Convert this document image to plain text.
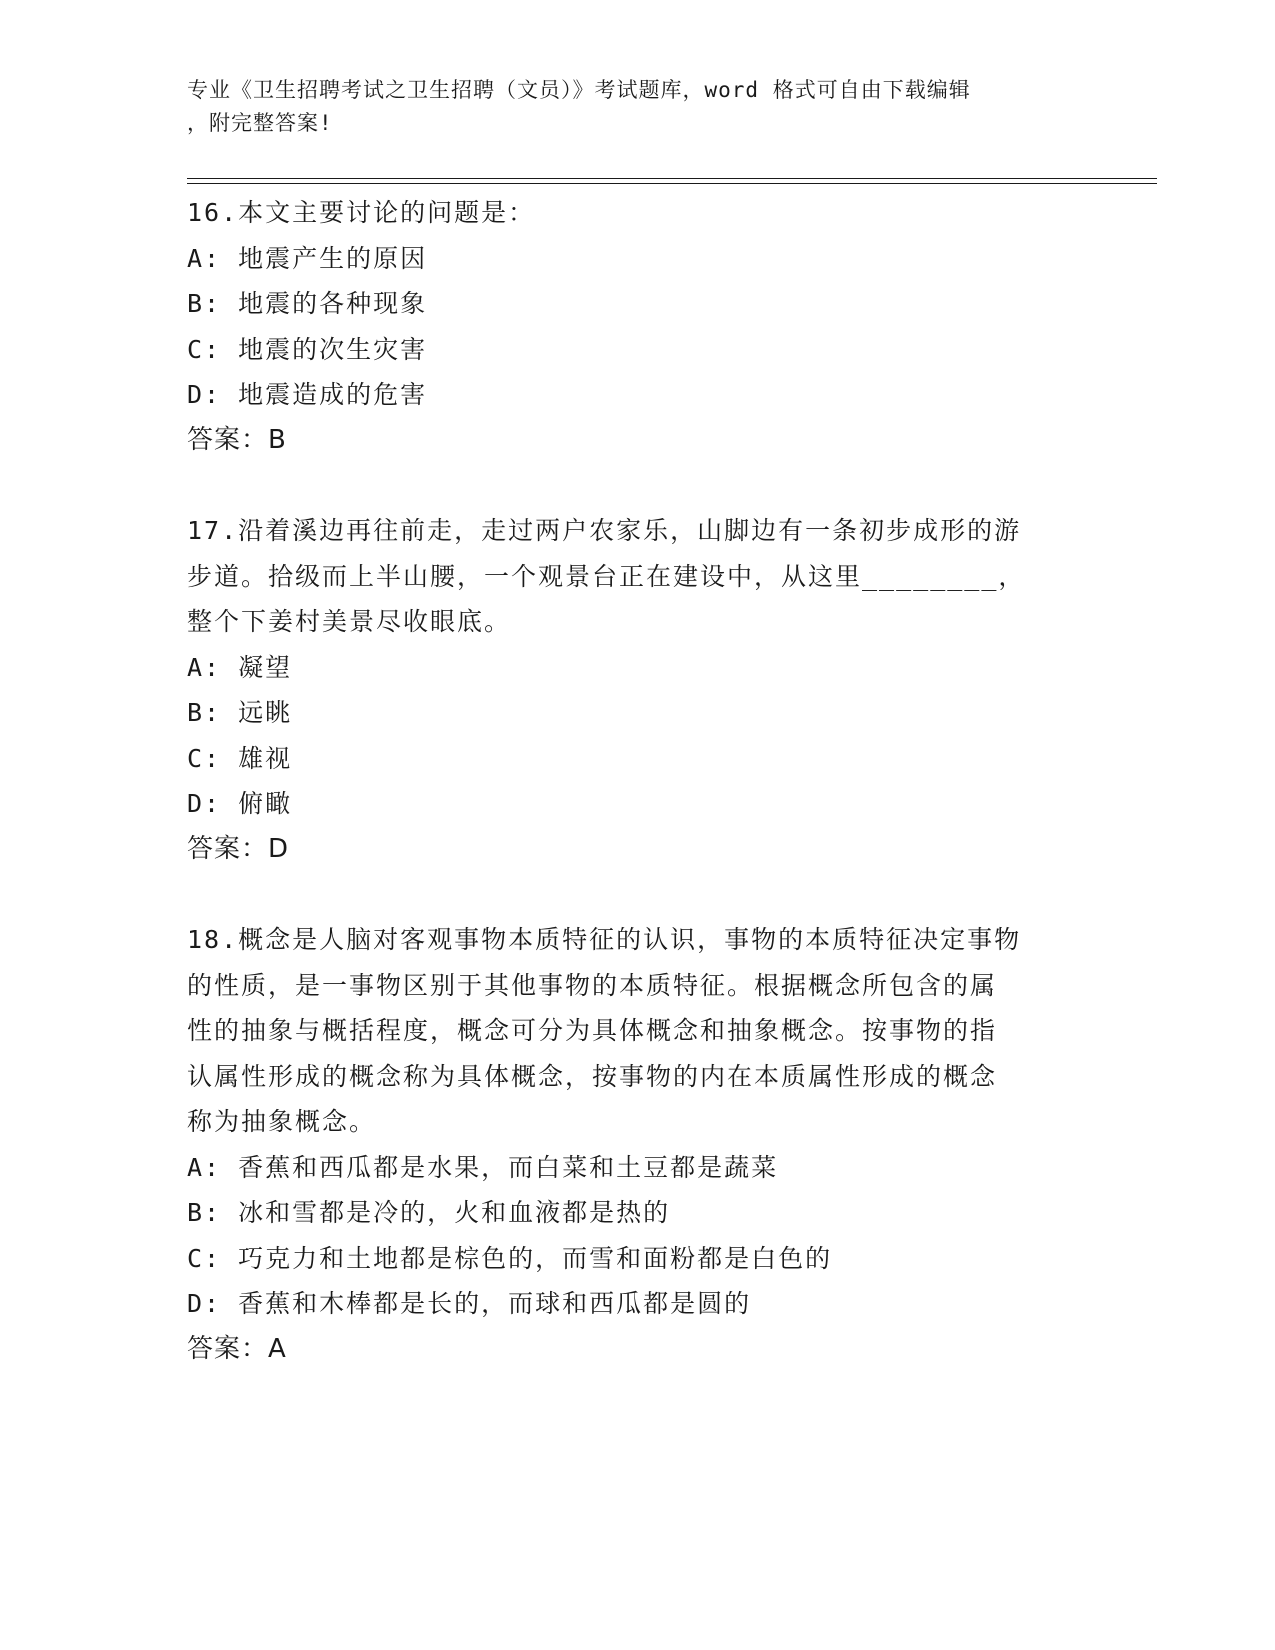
专业《卫生招聘考试之卫生招聘（文员）》考试题库，word 格式可自由下载编辑
，附完整答案!
16.本文主要讨论的问题是：
A: 地震产生的原因
B: 地震的各种现象
C: 地震的次生灾害
D: 地震造成的危害
答案：B
17.沿着溪边再往前走，走过两户农家乐，山脚边有一条初步成形的游
步道。拾级而上半山腰，一个观景台正在建设中，从这里________，
整个下姜村美景尽收眼底。
A: 凝望
B: 远眺
C: 雄视
D: 俯瞰
答案：D
18.概念是人脑对客观事物本质特征的认识，事物的本质特征决定事物
的性质，是一事物区别于其他事物的本质特征。根据概念所包含的属
性的抽象与概括程度，概念可分为具体概念和抽象概念。按事物的指
认属性形成的概念称为具体概念，按事物的内在本质属性形成的概念
称为抽象概念。
A: 香蕉和西瓜都是水果，而白菜和土豆都是蔬菜
B: 冰和雪都是冷的，火和血液都是热的
C: 巧克力和土地都是棕色的，而雪和面粉都是白色的
D: 香蕉和木棒都是长的，而球和西瓜都是圆的
答案：A
